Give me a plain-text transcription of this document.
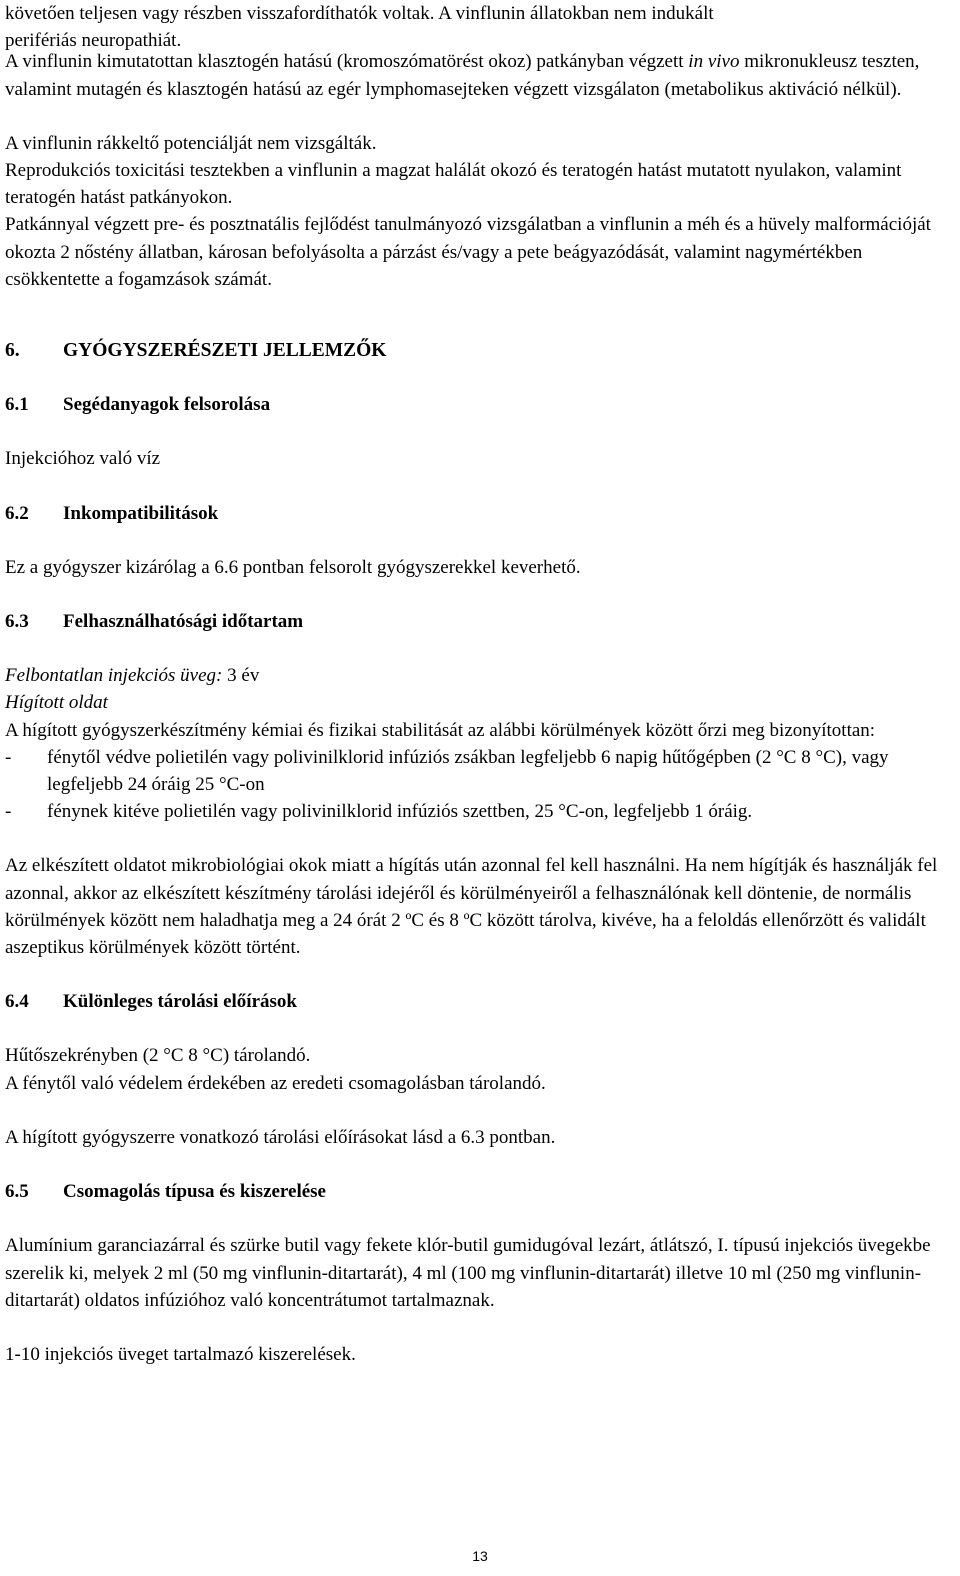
követően teljesen vagy részben visszafordíthatók voltak. A vinflunin állatokban nem indukált
perifériás neuropathiát.

A vinflunin kimutatottan klasztogén hatású (kromoszómatörést okoz) patkányban végzett in vivo mikronukleusz teszten, valamint mutagén és klasztogén hatású az egér lymphomasejteken végzett vizsgálaton (metabolikus aktiváció nélkül).

A vinflunin rákkeltő potenciálját nem vizsgálták.

Reprodukciós toxicitási tesztekben a vinflunin a magzat halálát okozó és teratogén hatást mutatott nyulakon, valamint teratogén hatást patkányokon.

Patkánnyal végzett pre- és posztnatális fejlődést tanulmányozó vizsgálatban a vinflunin a méh és a hüvely malformációját okozta 2 nőstény állatban, károsan befolyásolta a párzást és/vagy a pete beágyazódását, valamint nagymértékben csökkentette a fogamzások számát.

6.	GYÓGYSZERÉSZETI JELLEMZŐK
6.1	Segédanyagok felsorolása

Injekcióhoz való víz

6.2	Inkompatibilitások

Ez a gyógyszer kizárólag a 6.6 pontban felsorolt gyógyszerekkel keverhető.

6.3	Felhasználhatósági időtartam

Felbontatlan injekciós üveg: 3 év

Hígított oldat

A hígított gyógyszerkészítmény kémiai és fizikai stabilitását az alábbi körülmények között őrzi meg bizonyítottan:

-	fénytől védve polietilén vagy polivinilklorid infúziós zsákban legfeljebb 6 napig hűtőgépben (2 °C 8 °C), vagy legfeljebb 24 óráig 25 °C-on
-	fénynek kitéve polietilén vagy polivinilklorid infúziós szettben, 25 °C-on, legfeljebb 1 óráig.

Az elkészített oldatot mikrobiológiai okok miatt a hígítás után azonnal fel kell használni. Ha nem hígítják és használják fel azonnal, akkor az elkészített készítmény tárolási idejéről és körülményeiről a felhasználónak kell döntenie, de normális körülmények között nem haladhatja meg a 24 órát 2 ºC és 8 ºC között tárolva, kivéve, ha a feloldás ellenőrzött és validált aszeptikus körülmények között történt.

6.4	Különleges tárolási előírások

Hűtőszekrényben (2 °C 8 °C) tárolandó.

A fénytől való védelem érdekében az eredeti csomagolásban tárolandó.

A hígított gyógyszerre vonatkozó tárolási előírásokat lásd a 6.3 pontban.

6.5	Csomagolás típusa és kiszerelése

Alumínium garanciazárral és szürke butil vagy fekete klór-butil gumidugóval lezárt, átlátszó, I. típusú injekciós üvegekbe szerelik ki, melyek 2 ml (50 mg vinflunin-ditartarát), 4 ml (100 mg vinflunin-ditartarát) illetve 10 ml (250 mg vinflunin-ditartarát) oldatos infúzióhoz való koncentrátumot tartalmaznak.

1-10 injekciós üveget tartalmazó kiszerelések.

13
